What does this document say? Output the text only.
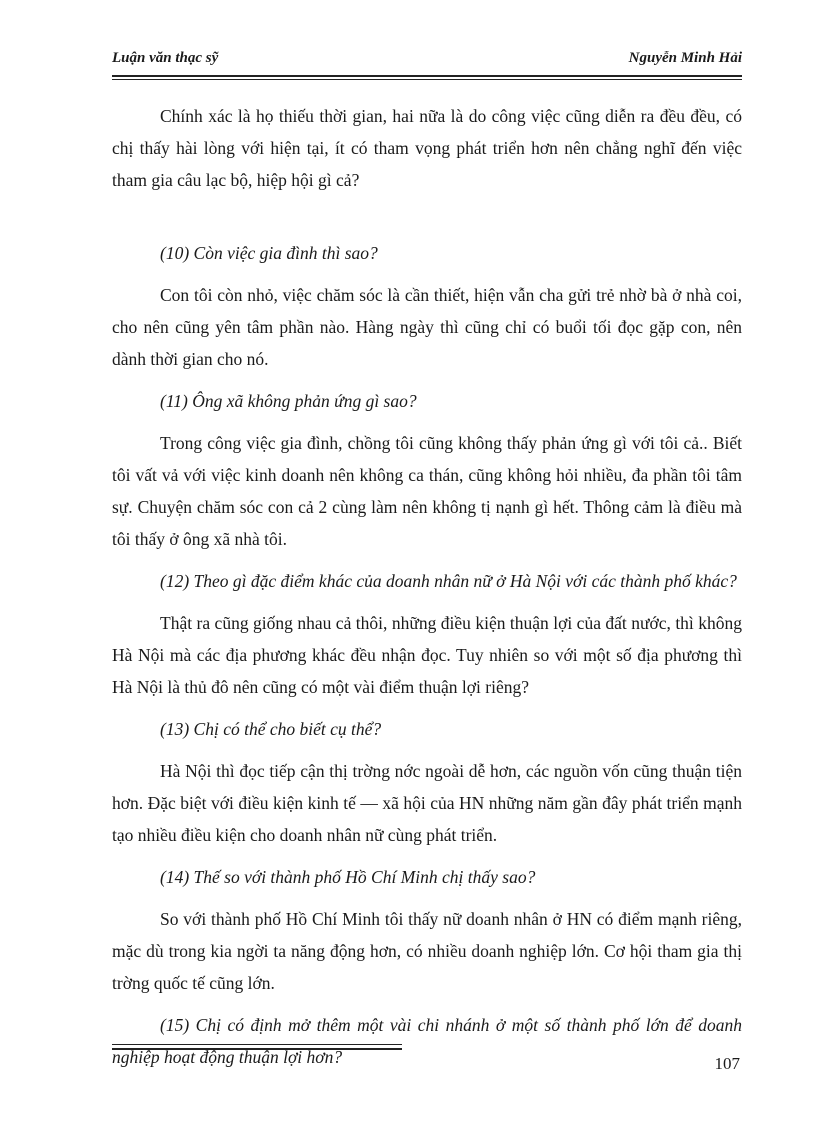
Luận văn thạc sỹ	Nguyễn Minh Hải

Chính xác là họ thiếu thời gian, hai nữa là do công việc cũng diễn ra đều đều, có chị thấy hài lòng với hiện tại, ít có tham vọng phát triển hơn nên chẳng nghĩ đến việc tham gia câu lạc bộ, hiệp hội gì cả?

(10) Còn việc gia đình thì sao?

Con tôi còn nhỏ, việc chăm sóc là cần thiết, hiện vẫn cha gửi trẻ nhờ bà ở nhà coi, cho nên cũng yên tâm phần nào. Hàng ngày thì cũng chỉ có buổi tối đọc gặp con, nên dành thời gian cho nó.

(11) Ông xã không phản ứng gì sao?

Trong công việc gia đình, chồng tôi cũng không thấy phản ứng gì với tôi cả.. Biết tôi vất vả với việc kinh doanh nên không ca thán, cũng không hỏi nhiều, đa phần tôi tâm sự. Chuyện chăm sóc con cả 2 cùng làm nên không tị nạnh gì hết. Thông cảm là điều mà tôi thấy ở ông xã nhà tôi.

(12) Theo gì đặc điểm khác của doanh nhân nữ ở Hà Nội với các thành phố khác?

Thật ra cũng giống nhau cả thôi, những điều kiện thuận lợi của đất nước, thì không Hà Nội mà các địa phương khác đều nhận đọc. Tuy nhiên so với một số địa phương thì Hà Nội là thủ đô nên cũng có một vài điểm thuận lợi riêng?

(13) Chị có thể cho biết cụ thể?

Hà Nội thì đọc tiếp cận thị trờng nớc ngoài dễ hơn, các nguồn vốn cũng thuận tiện hơn. Đặc biệt với điều kiện kinh tế — xã hội của HN những năm gần đây phát triển mạnh tạo nhiều điều kiện cho doanh nhân nữ cùng phát triển.

(14) Thế so với thành phố Hồ Chí Minh chị thấy sao?

So với thành phố Hồ Chí Minh tôi thấy nữ doanh nhân ở HN có điểm mạnh riêng, mặc dù trong kia ngời ta năng động hơn, có nhiều doanh nghiệp lớn. Cơ hội tham gia thị trờng quốc tế cũng lớn.

(15) Chị có định mở thêm một vài chi nhánh ở một số thành phố lớn để doanh nghiệp hoạt động thuận lợi hơn?	107
